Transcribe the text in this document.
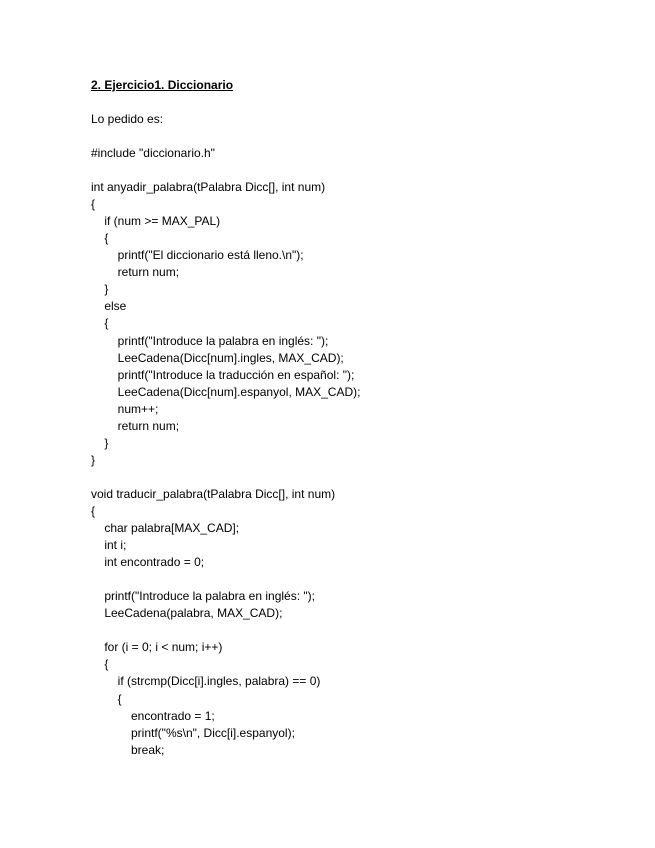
2. Ejercicio1. Diccionario
Lo pedido es:
#include "diccionario.h"
int anyadir_palabra(tPalabra Dicc[], int num)
{
if (num >= MAX_PAL)
{
printf("El diccionario está lleno.\n");
return num;
}
else
{
printf("Introduce la palabra en inglés: ");
LeeCadena(Dicc[num].ingles, MAX_CAD);
printf("Introduce la traducción en español: ");
LeeCadena(Dicc[num].espanyol, MAX_CAD);
num++;
return num;
}
}
void traducir_palabra(tPalabra Dicc[], int num)
{
char palabra[MAX_CAD];
int i;
int encontrado = 0;
printf("Introduce la palabra en inglés: ");
LeeCadena(palabra, MAX_CAD);
for (i = 0; i < num; i++)
{
if (strcmp(Dicc[i].ingles, palabra) == 0)
{
encontrado = 1;
printf("%s\n", Dicc[i].espanyol);
break;
